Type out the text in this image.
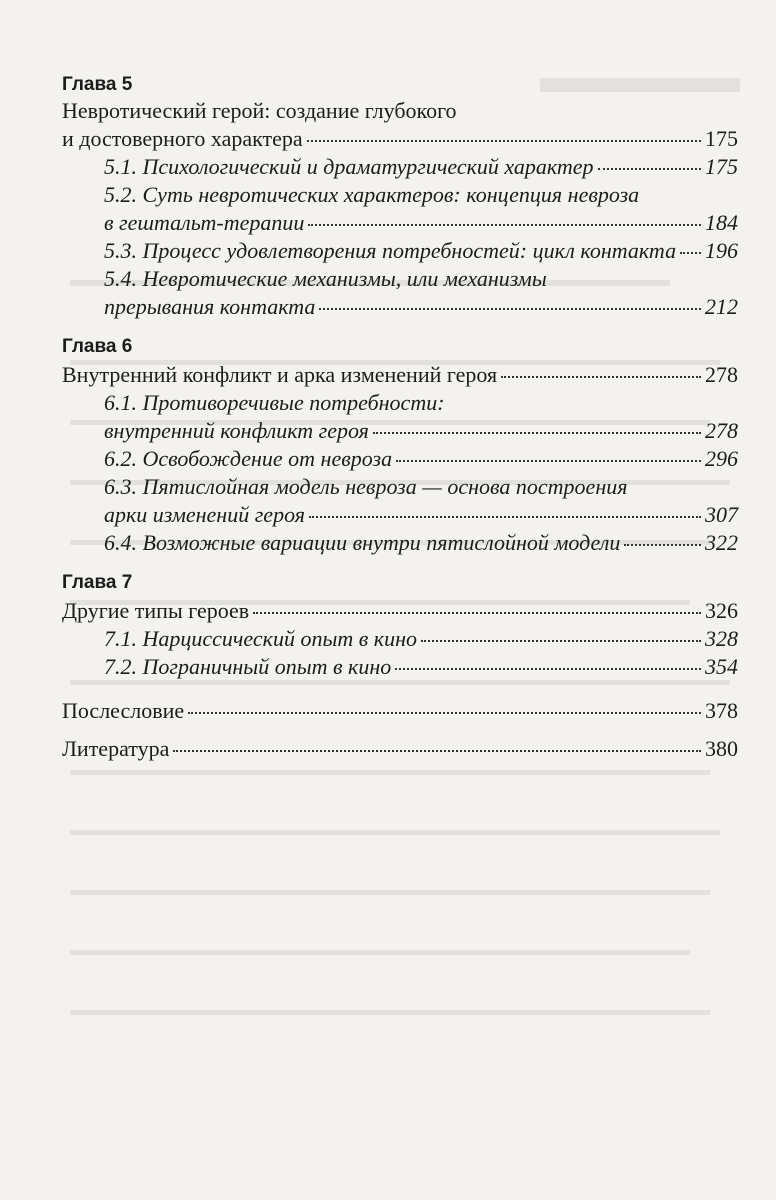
Глава 5
Невротический герой: создание глубокого
и достоверного характера	175
5.1. Психологический и драматургический характер	175
5.2. Суть невротических характеров: концепция невроза
в гештальт-терапии	184
5.3. Процесс удовлетворения потребностей: цикл контакта 196
5.4. Невротические механизмы, или механизмы
прерывания контакта	212
Глава 6
Внутренний конфликт и арка изменений героя	278
6.1. Противоречивые потребности:
внутренний конфликт героя	278
6.2. Освобождение от невроза	296
6.3. Пятислойная модель невроза — основа построения
арки изменений героя	307
6.4. Возможные вариации внутри пятислойной модели	322
Глава 7
Другие типы героев	326
7.1. Нарциссический опыт в кино	328
7.2. Пограничный опыт в кино	354
Послесловие	378
Литература	380
